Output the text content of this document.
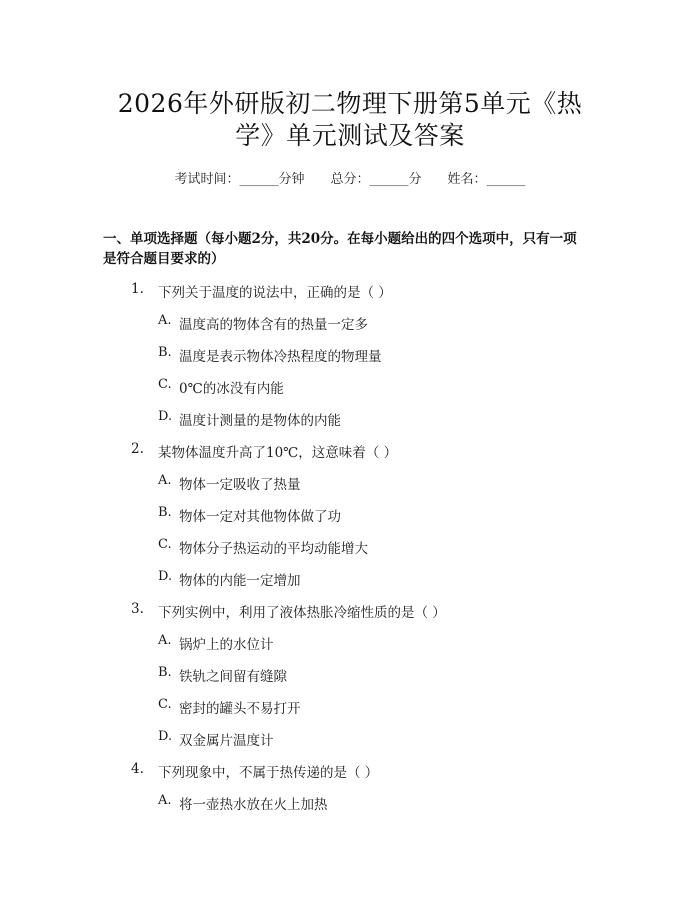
2026年外研版初二物理下册第5单元《热
学》单元测试及答案
考试时间：______分钟 总分：______分 姓名：______
一、单项选择题（每小题2分，共20分。在每小题给出的四个选项中，只有一项
是符合题目要求的）
1. 下列关于温度的说法中，正确的是（ ）
A. 温度高的物体含有的热量一定多
B. 温度是表示物体冷热程度的物理量
C. 0℃的冰没有内能
D. 温度计测量的是物体的内能
2. 某物体温度升高了10℃，这意味着（ ）
A. 物体一定吸收了热量
B. 物体一定对其他物体做了功
C. 物体分子热运动的平均动能增大
D. 物体的内能一定增加
3. 下列实例中，利用了液体热胀冷缩性质的是（ ）
A. 锅炉上的水位计
B. 铁轨之间留有缝隙
C. 密封的罐头不易打开
D. 双金属片温度计
4. 下列现象中，不属于热传递的是（ ）
A. 将一壶热水放在火上加热
